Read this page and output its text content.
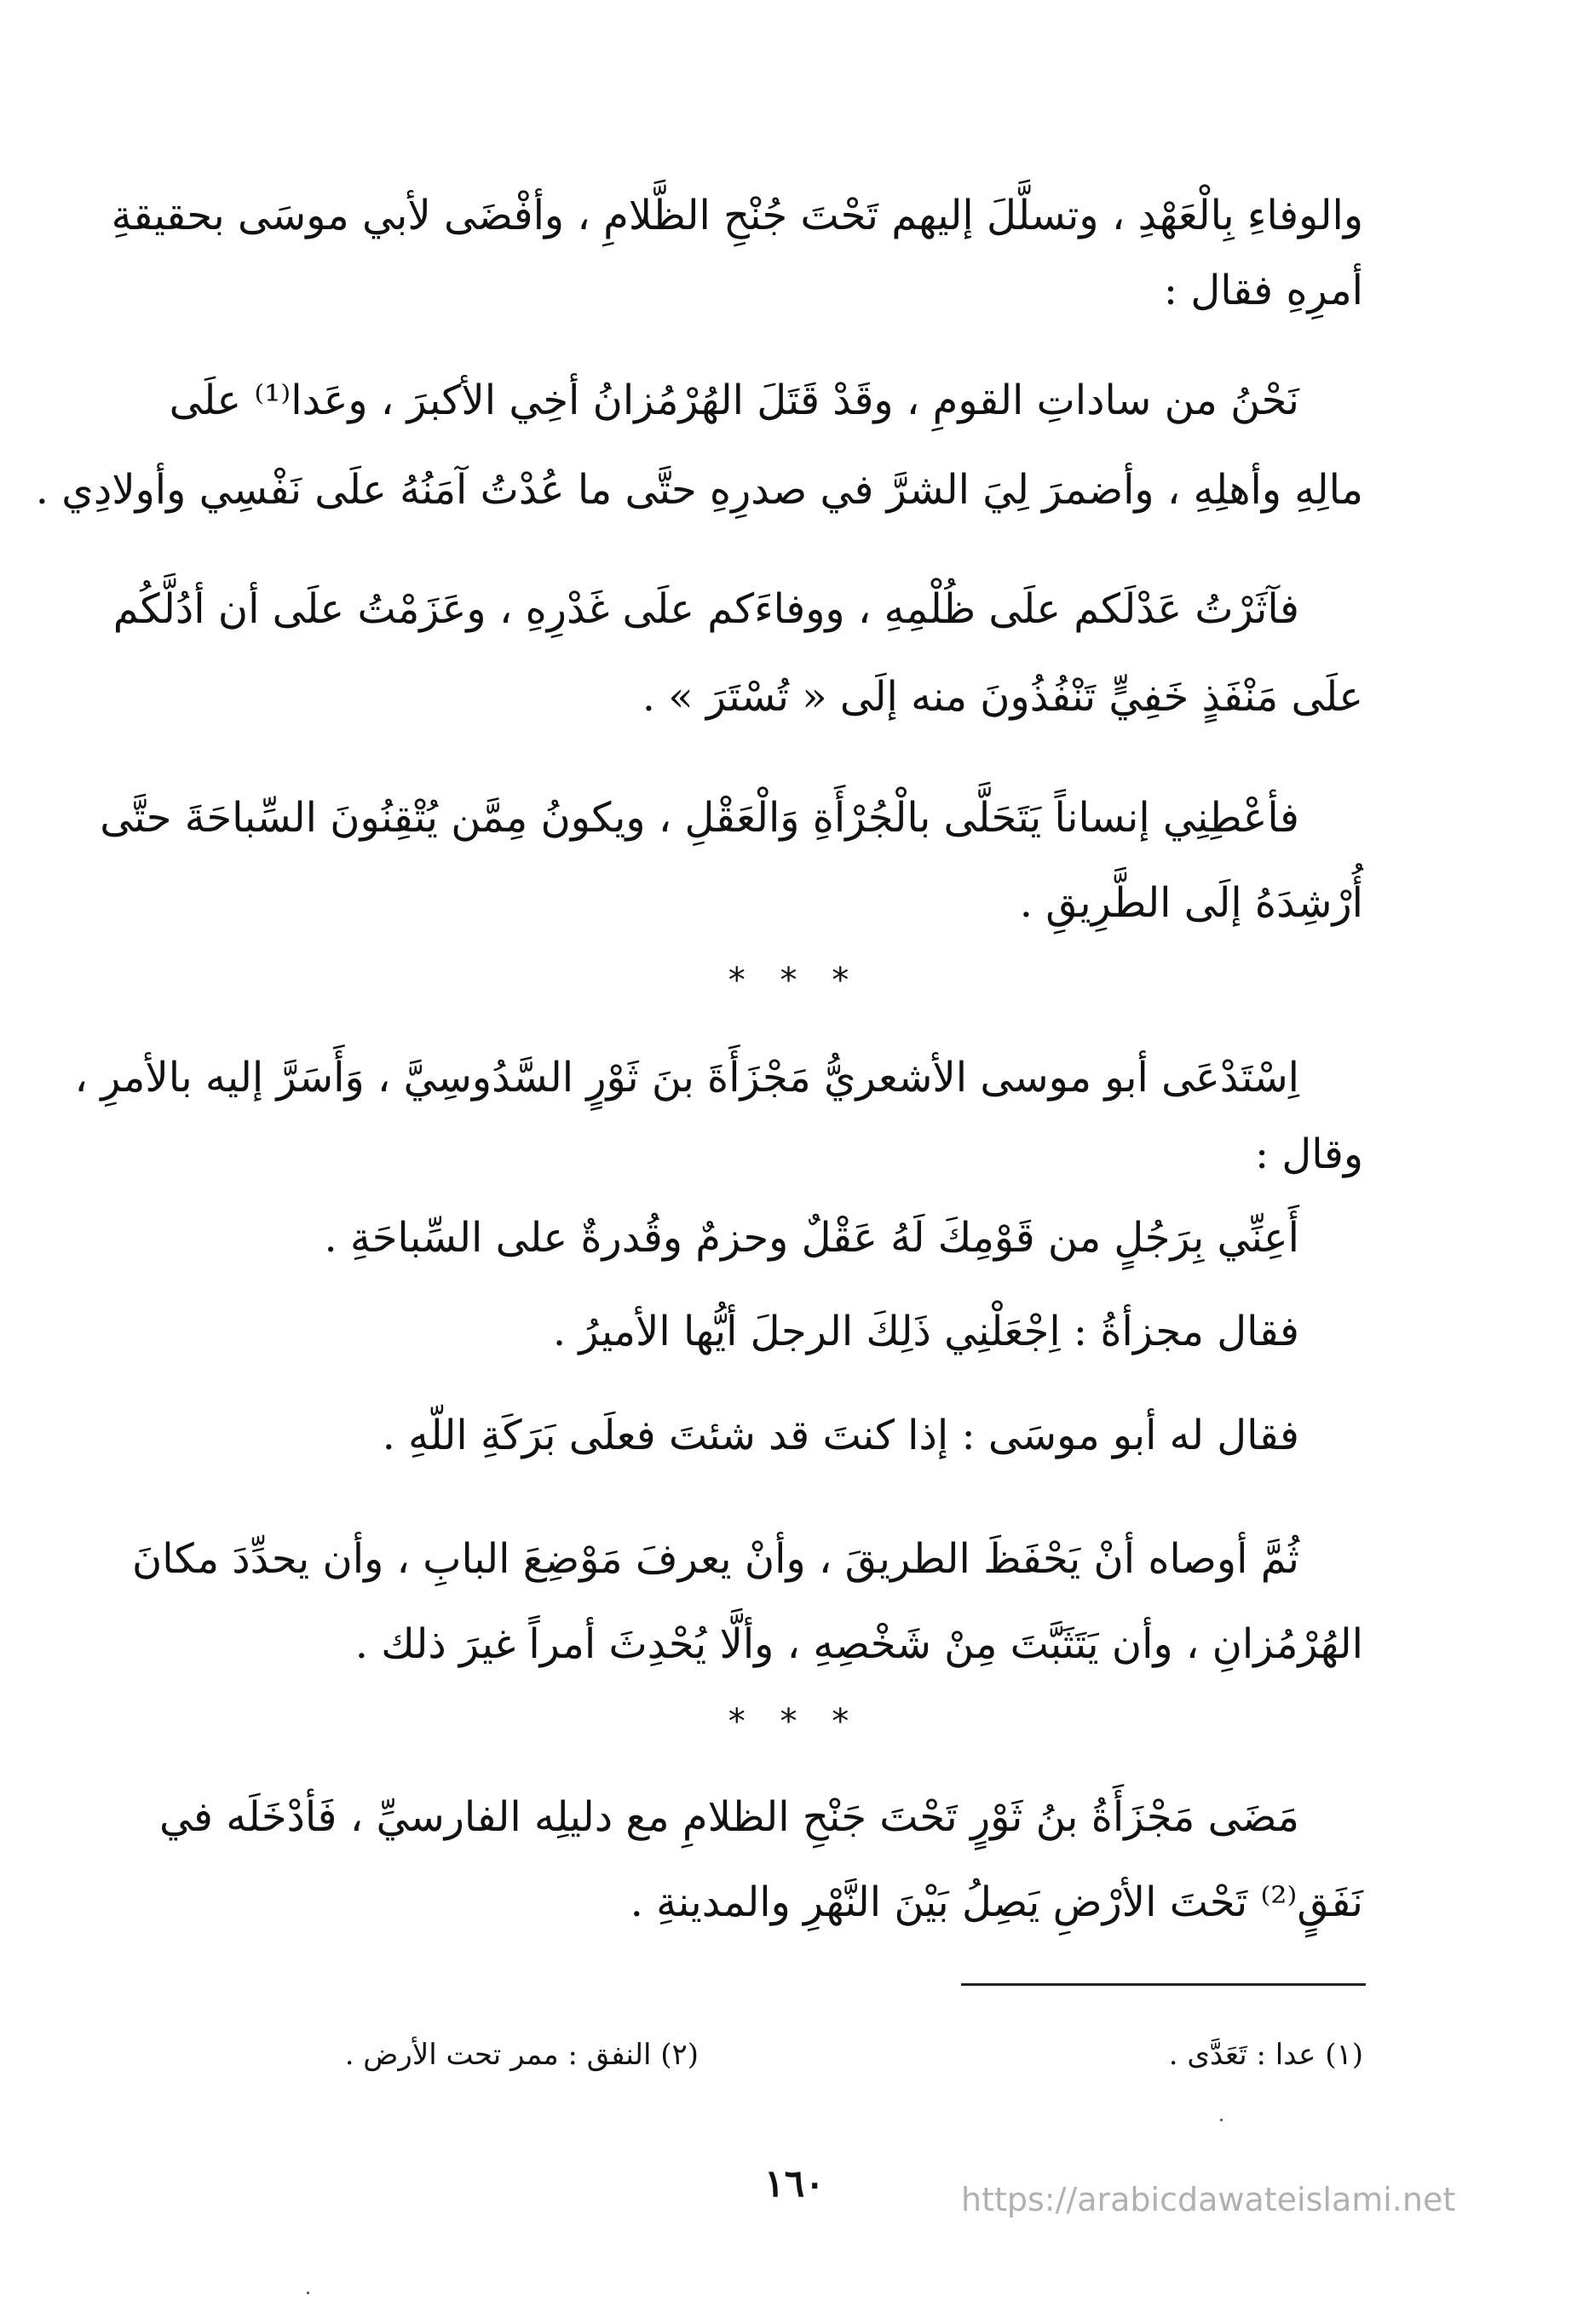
والوفاءِ بِالْعَهْدِ ، وتسلَّلَ إليهم تَحْتَ جُنْحِ الظَّلامِ ، وأفْضَى لأبي موسَى بحقيقةِ
أمرِهِ فقال :
نَحْنُ من ساداتِ القومِ ، وقَدْ قَتَلَ الهُرْمُزانُ أخِي الأكبرَ ، وعَدا⁽¹⁾ علَى
مالِهِ وأهلِهِ ، وأضمرَ لِيَ الشرَّ في صدرِهِ حتَّى ما عُدْتُ آمَنُهُ علَى نَفْسِي وأولادِي .
فآثَرْتُ عَدْلَكم علَى ظُلْمِهِ ، ووفاءَكم علَى غَدْرِهِ ، وعَزَمْتُ علَى أن أدُلَّكُم
علَى مَنْفَذٍ خَفِيٍّ تَنْفُذُونَ منه إلَى « تُسْتَرَ » .
فأعْطِنِي إنساناً يَتَحَلَّى بالْجُرْأَةِ وَالْعَقْلِ ، ويكونُ مِمَّن يُتْقِنُونَ السِّباحَةَ حتَّى
أُرْشِدَهُ إلَى الطَّرِيقِ .
* * *
اِسْتَدْعَى أبو موسى الأشعريُّ مَجْزَأَةَ بنَ ثَوْرٍ السَّدُوسِيَّ ، وَأَسَرَّ إليه بالأمرِ ،
وقال :
أَعِنِّي بِرَجُلٍ من قَوْمِكَ لَهُ عَقْلٌ وحزمٌ وقُدرةٌ على السِّباحَةِ .
فقال مجزأةُ : اِجْعَلْنِي ذَلِكَ الرجلَ أيُّها الأميرُ .
فقال له أبو موسَى : إذا كنتَ قد شئتَ فعلَى بَرَكَةِ اللّهِ .
ثُمَّ أوصاه أنْ يَحْفَظَ الطريقَ ، وأنْ يعرفَ مَوْضِعَ البابِ ، وأن يحدِّدَ مكانَ
الهُرْمُزانِ ، وأن يَتَثَبَّتَ مِنْ شَخْصِهِ ، وألَّا يُحْدِثَ أمراً غيرَ ذلك .
* * *
مَضَى مَجْزَأَةُ بنُ ثَوْرٍ تَحْتَ جَنْحِ الظلامِ مع دليلِه الفارسيِّ ، فَأدْخَلَه في
نَفَقٍ⁽²⁾ تَحْتَ الأرْضِ يَصِلُ بَيْنَ النَّهْرِ والمدينةِ .
(١) عدا : تَعَدَّى .
(٢) النفق : ممر تحت الأرض .
١٦٠	https://arabicdawateislami.net
